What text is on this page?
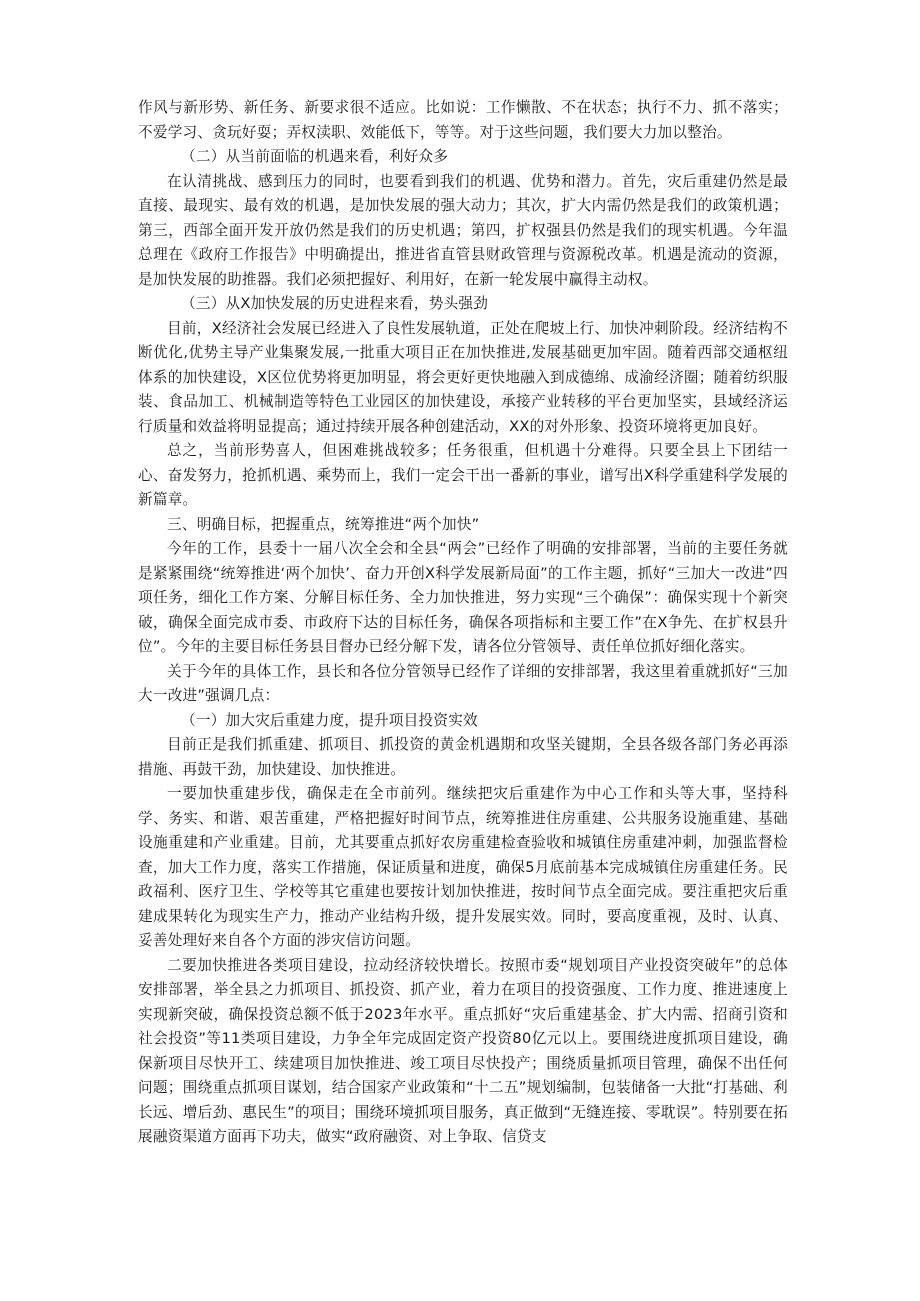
作风与新形势、新任务、新要求很不适应。比如说：工作懒散、不在状态；执行不力、抓不落实；不爱学习、贪玩好耍；弄权渎职、效能低下，等等。对于这些问题，我们要大力加以整治。

（二）从当前面临的机遇来看，利好众多

在认清挑战、感到压力的同时，也要看到我们的机遇、优势和潜力。首先，灾后重建仍然是最直接、最现实、最有效的机遇，是加快发展的强大动力；其次，扩大内需仍然是我们的政策机遇；第三，西部全面开发开放仍然是我们的历史机遇；第四，扩权强县仍然是我们的现实机遇。今年温总理在《政府工作报告》中明确提出，推进省直管县财政管理与资源税改革。机遇是流动的资源，是加快发展的助推器。我们必须把握好、利用好，在新一轮发展中赢得主动权。

（三）从X加快发展的历史进程来看，势头强劲

目前，X经济社会发展已经进入了良性发展轨道，正处在爬坡上行、加快冲刺阶段。经济结构不断优化,优势主导产业集聚发展,一批重大项目正在加快推进,发展基础更加牢固。随着西部交通枢纽体系的加快建设，X区位优势将更加明显，将会更好更快地融入到成德绵、成渝经济圈；随着纺织服装、食品加工、机械制造等特色工业园区的加快建设，承接产业转移的平台更加坚实，县域经济运行质量和效益将明显提高；通过持续开展各种创建活动，XX的对外形象、投资环境将更加良好。

总之，当前形势喜人，但困难挑战较多；任务很重，但机遇十分难得。只要全县上下团结一心、奋发努力，抢抓机遇、乘势而上，我们一定会干出一番新的事业，谱写出X科学重建科学发展的新篇章。

三、明确目标，把握重点，统筹推进“两个加快”

今年的工作，县委十一届八次全会和全县“两会”已经作了明确的安排部署，当前的主要任务就是紧紧围绕“统筹推进‘两个加快’、奋力开创X科学发展新局面”的工作主题，抓好“三加大一改进”四项任务，细化工作方案、分解目标任务、全力加快推进，努力实现“三个确保”：确保实现十个新突破，确保全面完成市委、市政府下达的目标任务，确保各项指标和主要工作”在X争先、在扩权县升位”。今年的主要目标任务县目督办已经分解下发，请各位分管领导、责任单位抓好细化落实。

关于今年的具体工作，县长和各位分管领导已经作了详细的安排部署，我这里着重就抓好“三加大一改进”强调几点：

（一）加大灾后重建力度，提升项目投资实效

目前正是我们抓重建、抓项目、抓投资的黄金机遇期和攻坚关键期，全县各级各部门务必再添措施、再鼓干劲，加快建设、加快推进。

一要加快重建步伐，确保走在全市前列。继续把灾后重建作为中心工作和头等大事，坚持科学、务实、和谐、艰苦重建，严格把握好时间节点，统筹推进住房重建、公共服务设施重建、基础设施重建和产业重建。目前，尤其要重点抓好农房重建检查验收和城镇住房重建冲刺，加强监督检查，加大工作力度，落实工作措施，保证质量和进度，确保5月底前基本完成城镇住房重建任务。民政福利、医疗卫生、学校等其它重建也要按计划加快推进，按时间节点全面完成。要注重把灾后重建成果转化为现实生产力，推动产业结构升级，提升发展实效。同时，要高度重视，及时、认真、妥善处理好来自各个方面的涉灾信访问题。

二要加快推进各类项目建设，拉动经济较快增长。按照市委“规划项目产业投资突破年”的总体安排部署，举全县之力抓项目、抓投资、抓产业，着力在项目的投资强度、工作力度、推进速度上实现新突破，确保投资总额不低于2023年水平。重点抓好“灾后重建基金、扩大内需、招商引资和社会投资”等11类项目建设，力争全年完成固定资产投资80亿元以上。要围绕进度抓项目建设，确保新项目尽快开工、续建项目加快推进、竣工项目尽快投产；围绕质量抓项目管理，确保不出任何问题；围绕重点抓项目谋划，结合国家产业政策和“十二五”规划编制，包装储备一大批“打基础、利长远、增后劲、惠民生”的项目；围绕环境抓项目服务，真正做到“无缝连接、零耽误”。特别要在拓展融资渠道方面再下功夫，做实“政府融资、对上争取、信贷支
